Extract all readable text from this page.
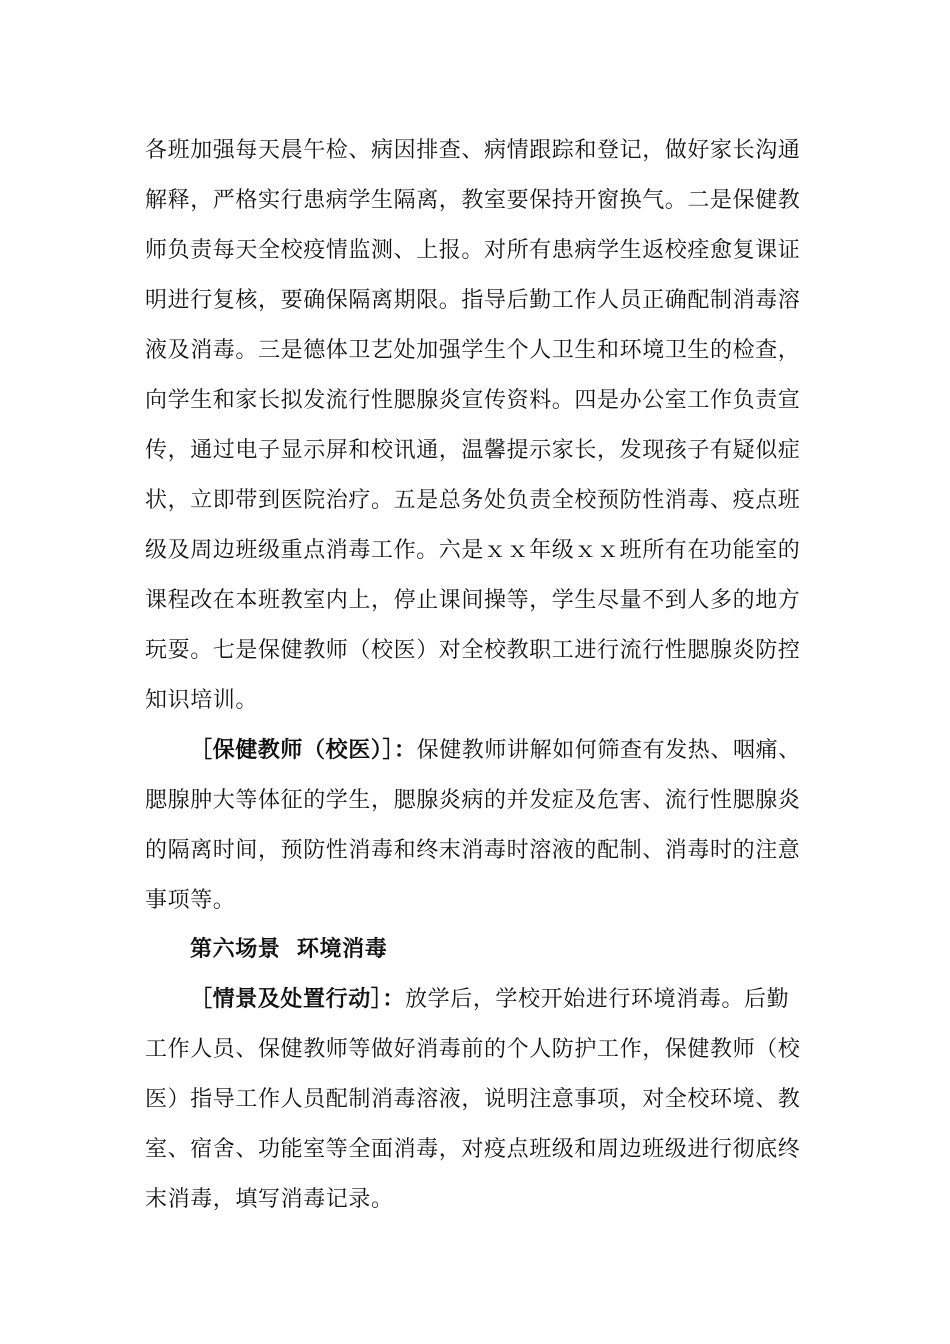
各班加强每天晨午检、病因排查、病情跟踪和登记，做好家长沟通

解释，严格实行患病学生隔离，教室要保持开窗换气。二是保健教

师负责每天全校疫情监测、上报。对所有患病学生返校痊愈复课证

明进行复核，要确保隔离期限。指导后勤工作人员正确配制消毒溶

液及消毒。三是德体卫艺处加强学生个人卫生和环境卫生的检查，

向学生和家长拟发流行性腮腺炎宣传资料。四是办公室工作负责宣

传，通过电子显示屏和校讯通，温馨提示家长，发现孩子有疑似症

状，立即带到医院治疗。五是总务处负责全校预防性消毒、疫点班

级及周边班级重点消毒工作。六是ｘｘ年级ｘｘ班所有在功能室的

课程改在本班教室内上，停止课间操等，学生尽量不到人多的地方

玩耍。七是保健教师（校医）对全校教职工进行流行性腮腺炎防控

知识培训。

［保健教师（校医）］：保健教师讲解如何筛查有发热、咽痛、

腮腺肿大等体征的学生，腮腺炎病的并发症及危害、流行性腮腺炎

的隔离时间，预防性消毒和终末消毒时溶液的配制、消毒时的注意

事项等。

第六场景  环境消毒

［情景及处置行动］：放学后，学校开始进行环境消毒。后勤

工作人员、保健教师等做好消毒前的个人防护工作，保健教师（校

医）指导工作人员配制消毒溶液，说明注意事项，对全校环境、教

室、宿舍、功能室等全面消毒，对疫点班级和周边班级进行彻底终

末消毒，填写消毒记录。
